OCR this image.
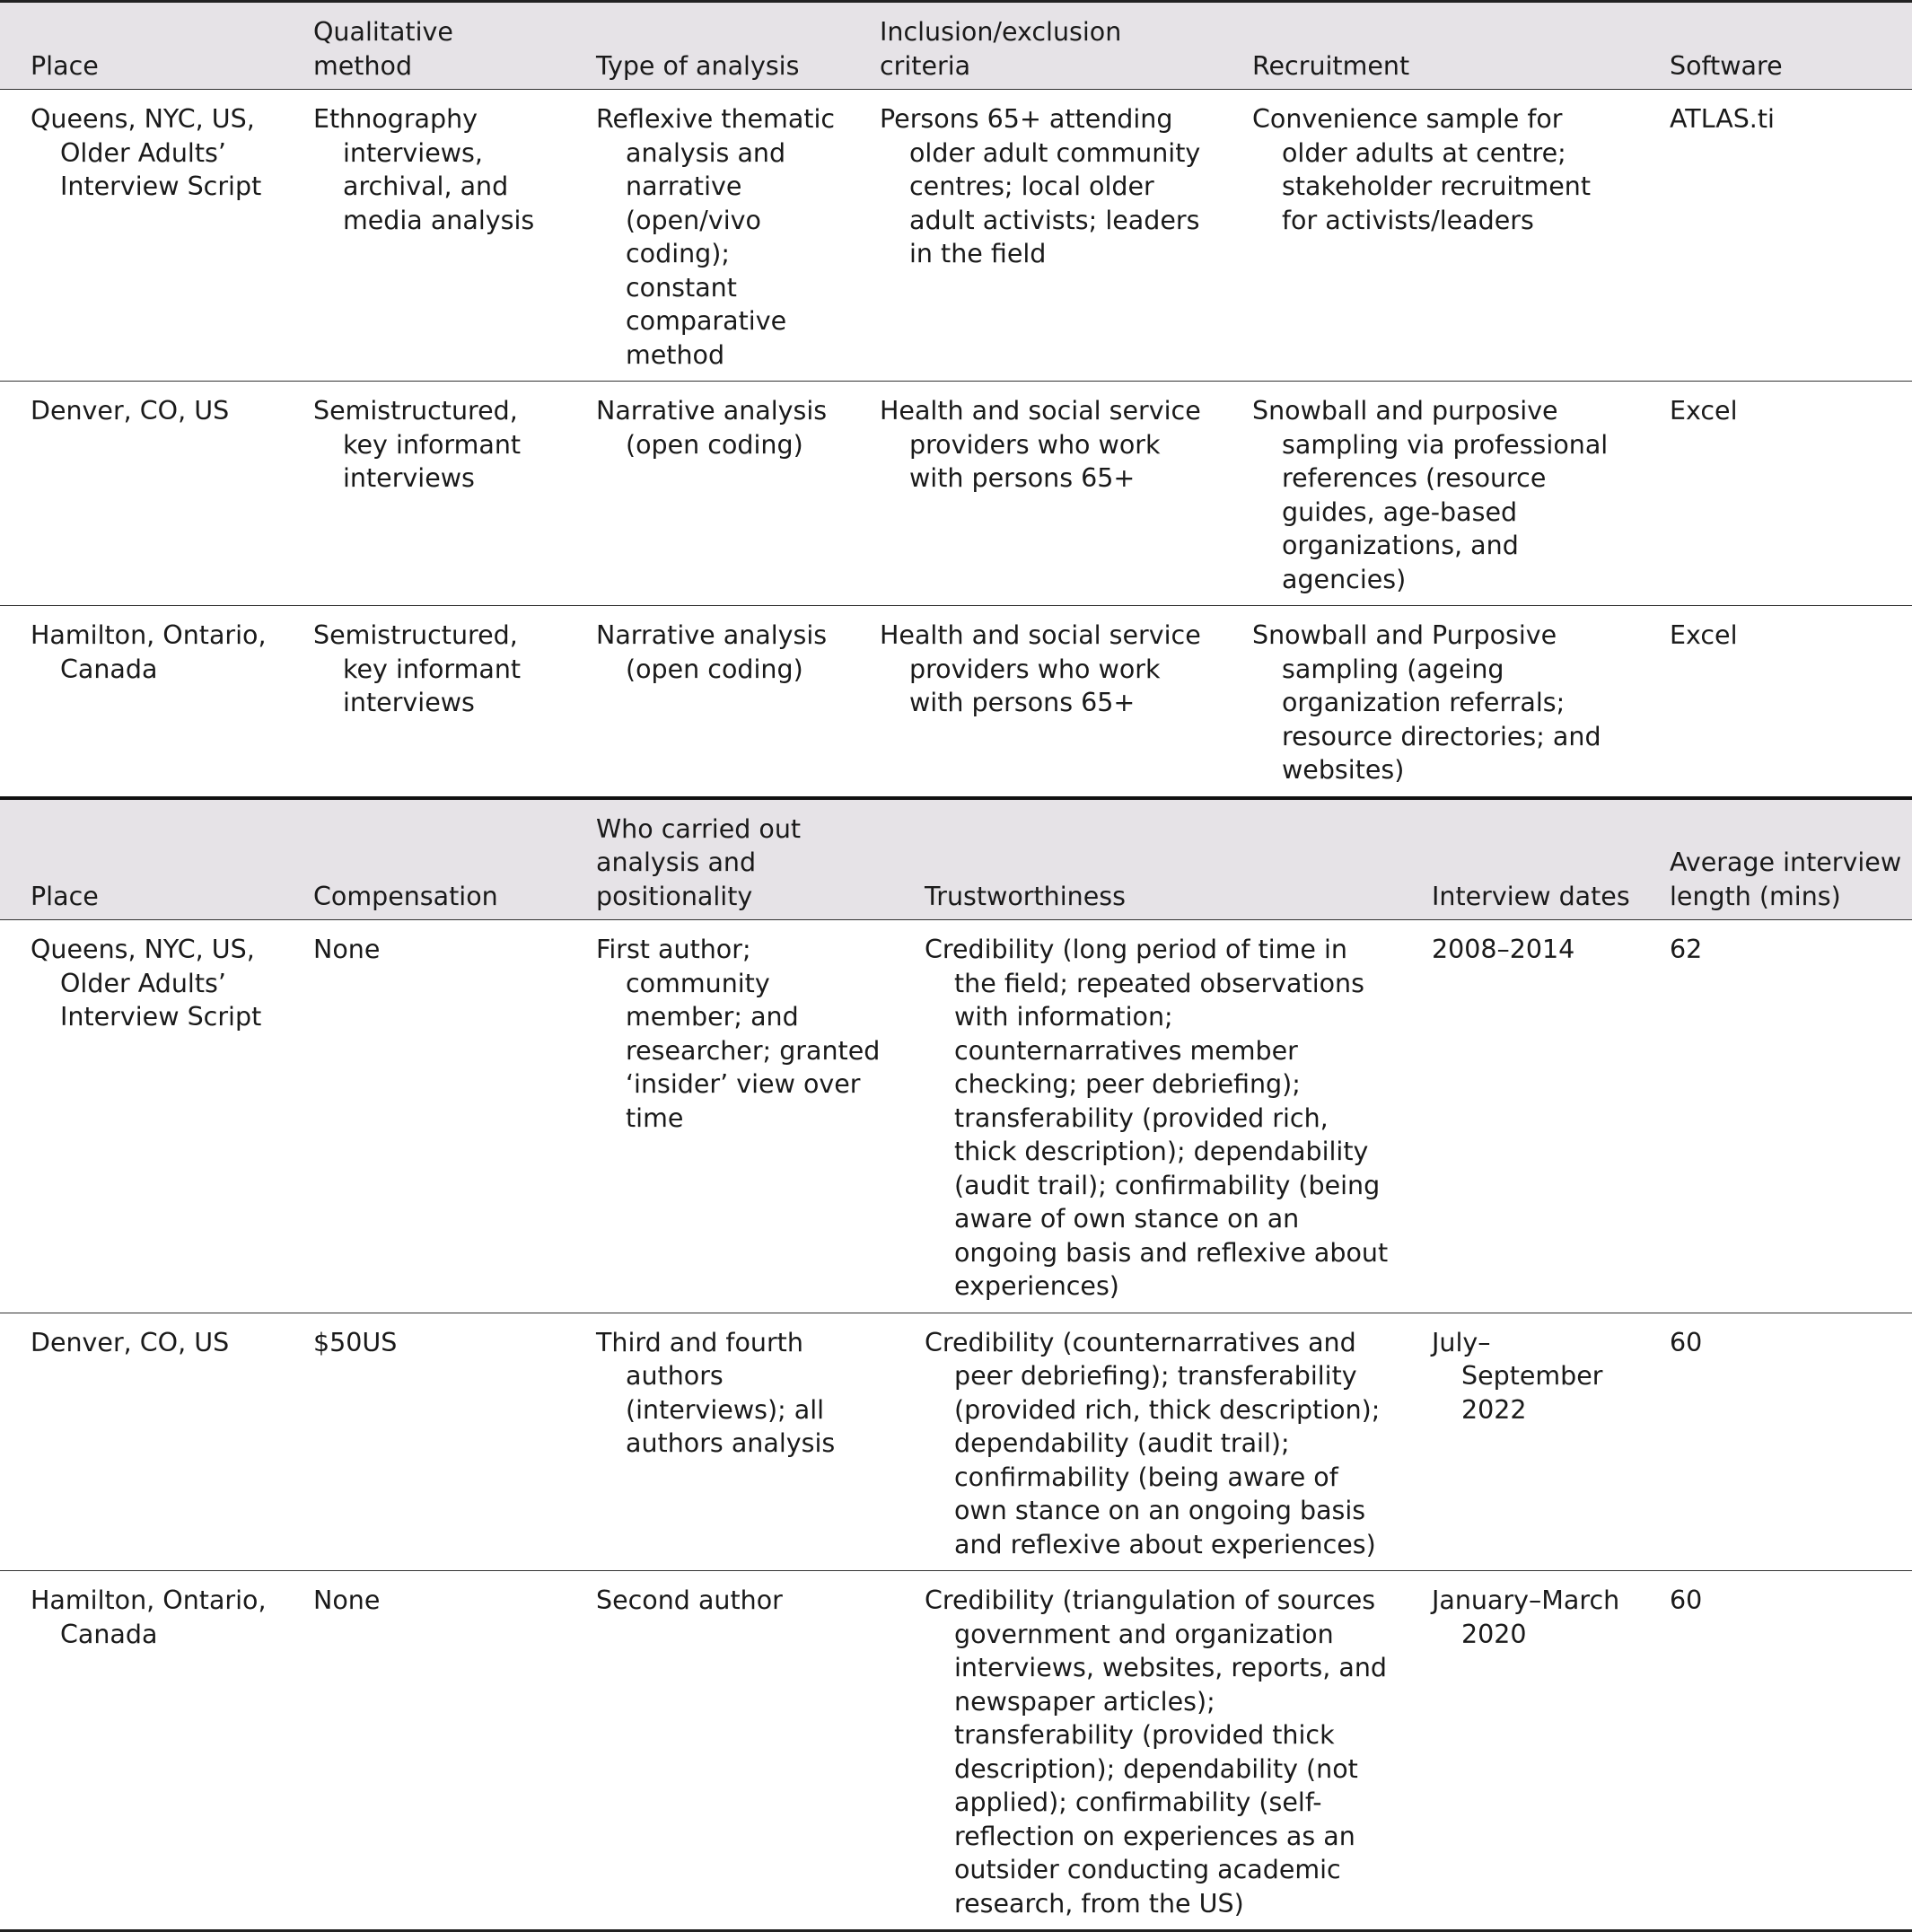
Place	Qualitative method	Type of analysis	Inclusion/exclusion criteria	Recruitment	Software

Queens, NYC, US, Older Adults’ Interview Script	Ethnography interviews, archival, and media analysis	Reflexive thematic analysis and narrative (open/vivo coding); constant comparative method	Persons 65+ attending older adult community centres; local older adult activists; leaders in the field	Convenience sample for older adults at centre; stakeholder recruitment for activists/leaders	ATLAS.ti

Denver, CO, US	Semistructured, key informant interviews	Narrative analysis (open coding)	Health and social service providers who work with persons 65+	Snowball and purposive sampling via professional references (resource guides, age-based organizations, and agencies)	Excel

Hamilton, Ontario, Canada	Semistructured, key informant interviews	Narrative analysis (open coding)	Health and social service providers who work with persons 65+	Snowball and Purposive sampling (ageing organization referrals; resource directories; and websites)	Excel
Place	Compensation	Who carried out analysis and positionality	Trustworthiness	Interview dates	Average interview length (mins)

Queens, NYC, US, Older Adults’ Interview Script	None	First author; community member; and researcher; granted ‘insider’ view over time	Credibility (long period of time in the field; repeated observations with information; counternarratives member checking; peer debriefing); transferability (provided rich, thick description); dependability (audit trail); confirmability (being aware of own stance on an ongoing basis and reflexive about experiences)	2008–2014	62

Denver, CO, US	$50US	Third and fourth authors (interviews); all authors analysis	Credibility (counternarratives and peer debriefing); transferability (provided rich, thick description); dependability (audit trail); confirmability (being aware of own stance on an ongoing basis and reflexive about experiences)	July–September 2022	60

Hamilton, Ontario, Canada	None	Second author	Credibility (triangulation of sources government and organization interviews, websites, reports, and newspaper articles); transferability (provided thick description); dependability (not applied); confirmability (self-reflection on experiences as an outsider conducting academic research, from the US)	January–March 2020	60
